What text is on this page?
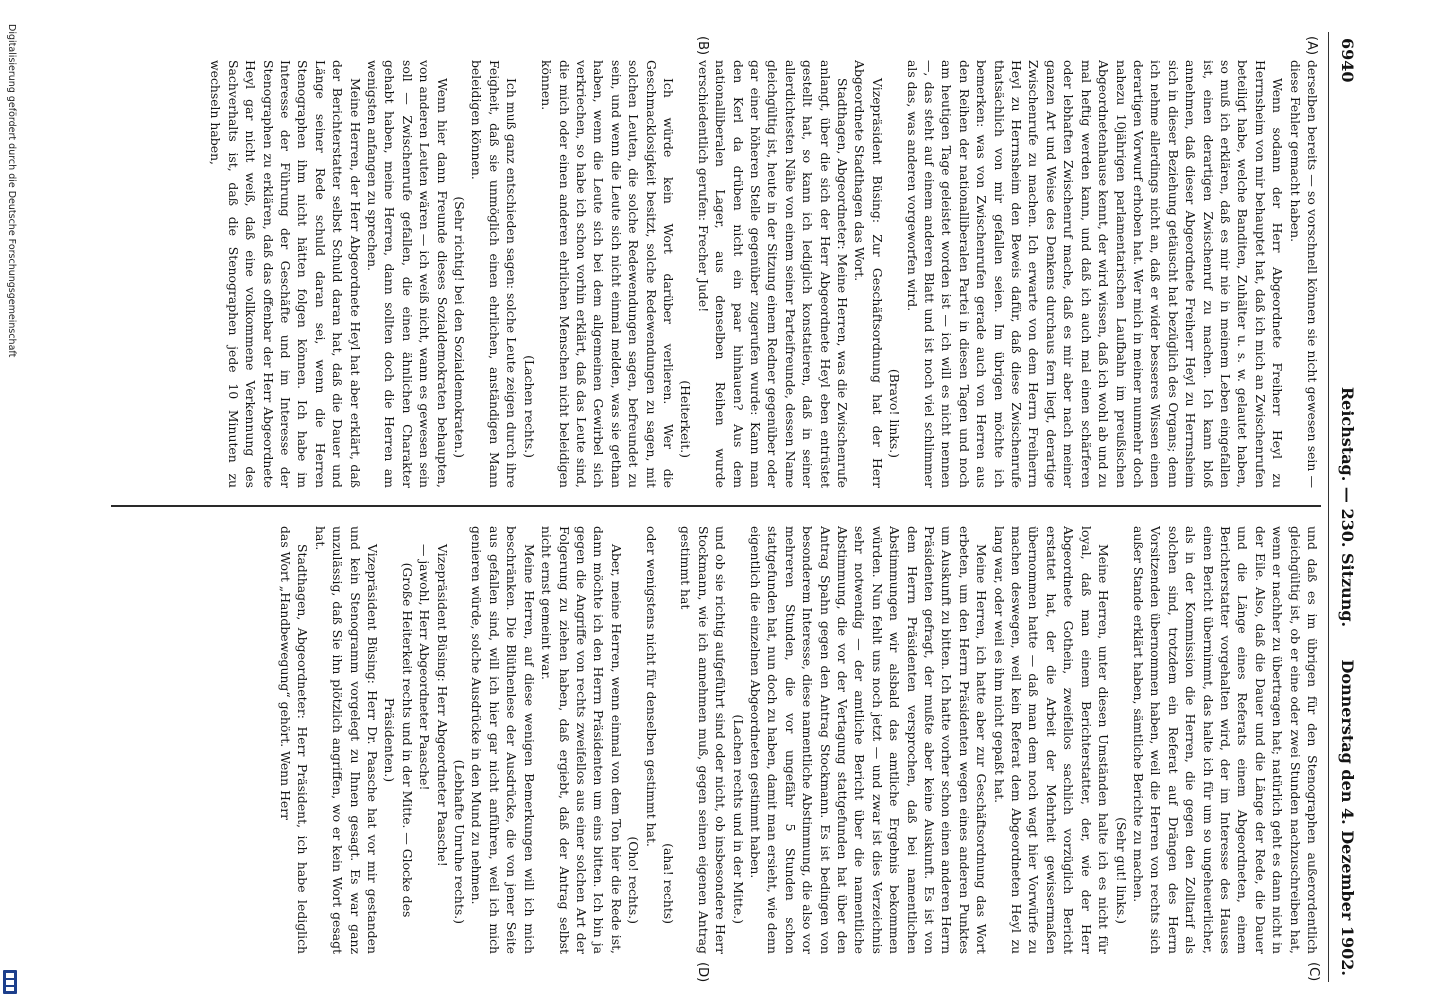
6940
Reichstag. — 230. Sitzung.
Donnerstag den 4. Dezember 1902.
(A)
(B)
(C)
(D)

derselben bereits — so vorschnell können sie nicht gewesen sein — diese Fehler gemacht haben.

Wenn sodann der Herr Abgeordnete Freiherr Heyl zu Herrnsheim von mir behauptet hat, daß ich mich an Zwischenrufen beteiligt habe, welche Banditen, Zuhälter u. s. w. gelautet haben, so muß ich erklären, daß es mir nie in meinem Leben eingefallen ist, einen derartigen Zwischenruf zu machen. Ich kann bloß annehmen, daß dieser Abgeordnete Freiherr Heyl zu Herrnsheim sich in dieser Beziehung getäuscht hat bezüglich des Organs; denn ich nehme allerdings nicht an, daß er wider besseres Wissen einen derartigen Vorwurf erhoben hat. Wer mich in meiner nunmehr doch nahezu 10jährigen parlamentarischen Laufbahn im preußischen Abgeordnetenhause kennt, der wird wissen, daß ich wohl ab und zu mal heftig werden kann, und daß ich auch mal einen schärferen oder lebhaften Zwischenruf mache, daß es mir aber nach meiner ganzen Art und Weise des Denkens durchaus fern liegt, derartige Zwischenrufe zu machen. Ich erwarte von dem Herrn Freiherrn Heyl zu Herrnsheim den Beweis dafür, daß diese Zwischenrufe thatsächlich von mir gefallen seien. Im übrigen möchte ich bemerken: was von Zwischenrufen gerade auch von Herren aus den Reihen der nationalliberalen Partei in diesen Tagen und noch am heutigen Tage geleistet worden ist — ich will es nicht nennen —, das steht auf einem anderen Blatt und ist noch viel schlimmer als das, was anderen vorgeworfen wird.

(Bravo! links.)

Vizepräsident Büsing: Zur Geschäftsordnung hat der Herr Abgeordnete Stadthagen das Wort.

Stadthagen, Abgeordneter: Meine Herren, was die Zwischenrufe anlangt, über die sich der Herr Abgeordnete Heyl eben entrüstet gestellt hat, so kann ich lediglich konstatieren, daß in seiner allerdichtesten Nähe von einem seiner Parteifreunde, dessen Name gleichgültig ist, heute in der Sitzung einem Redner gegenüber oder gar einer höheren Stelle gegenüber zugerufen wurde: Kann man den Kerl da drüben nicht ein paar hinhauen? Aus dem nationalliberalen Lager, aus denselben Reihen wurde verschiedentlich gerufen: Frecher Jude!

(Heiterkeit.)

Ich würde kein Wort darüber verlieren. Wer die Geschmacklosigkeit besitzt, solche Redewendungen zu sagen, mit solchen Leuten, die solche Redewendungen sagen, befreundet zu sein, und wenn die Leute sich nicht einmal melden, was sie gethan haben, wenn die Leute sich bei dem allgemeinen Gewirbel sich verkriechen, so habe ich schon vorhin erklärt, daß das Leute sind, die mich oder einen anderen ehrlichen Menschen nicht beleidigen können.

(Lachen rechts.)

Ich muß ganz entschieden sagen: solche Leute zeigen durch ihre Feigheit, daß sie unmöglich einen ehrlichen, anständigen Mann beleidigen können.

(Sehr richtig! bei den Sozialdemokraten.)

Wenn hier dann Freunde dieses Sozialdemokraten behaupten, von anderen Leuten wären — ich weiß nicht, wann es gewesen sein soll — Zwischenrufe gefallen, die einen ähnlichen Charakter gehabt haben, meine Herren, dann sollten doch die Herren am wenigsten anfangen zu sprechen.

Meine Herren, der Herr Abgeordnete Heyl hat aber erklärt, daß der Berichterstatter selbst Schuld daran hat, daß die Dauer und Länge seiner Rede schuld daran sei, wenn die Herren Stenographen ihm nicht hätten folgen können. Ich habe im Interesse der Führung der Geschäfte und im Interesse der Stenographen zu erklären, daß das offenbar der Herr Abgeordnete Heyl gar nicht weiß, daß eine vollkommene Verkennung des Sachverhalts ist, daß die Stenographen jede 10 Minuten zu wechseln haben,

und daß es im übrigen für den Stenographen außerordentlich gleichgültig ist, ob er eine oder zwei Stunden nachzuschreiben hat, wenn er nachher zu übertragen hat; natürlich geht es dann nicht in der Eile. Also, daß die Dauer und die Länge der Rede, die Dauer und die Länge eines Referats einem Abgeordneten, einem Berichterstatter vorgehalten wird, der im Interesse des Hauses einen Bericht übernimmt, das halte ich für um so ungeheuerlicher, als in der Kommission die Herren, die gegen den Zolltarif als solchen sind, trotzdem ein Referat auf Drängen des Herrn Vorsitzenden übernommen haben, weil die Herren von rechts sich außer Stande erklärt haben, sämtliche Berichte zu machen.

(Sehr gut! links.)

Meine Herren, unter diesen Umständen halte ich es nicht für loyal, daß man einem Berichterstatter, der, wie der Herr Abgeordnete Gothein, zweifellos sachlich vorzüglich Bericht erstattet hat, der die Arbeit der Mehrheit gewissermaßen übernommen hatte — daß man dem noch wagt hier Vorwürfe zu machen deswegen, weil kein Referat dem Abgeordneten Heyl zu lang war, oder weil es ihm nicht gepaßt hat.

Meine Herren, ich hatte aber zur Geschäftsordnung das Wort erbeten, um den Herrn Präsidenten wegen eines anderen Punktes um Auskunft zu bitten. Ich hatte vorher schon einen anderen Herrn Präsidenten gefragt, der mußte aber keine Auskunft. Es ist von dem Herrn Präsidenten versprochen, daß bei namentlichen Abstimmungen wir alsbald das amtliche Ergebnis bekommen würden. Nun fehlt uns noch jetzt — und zwar ist dies Verzeichnis sehr notwendig — der amtliche Bericht über die namentliche Abstimmung, die vor der Vertagung stattgefunden hat über den Antrag Spahn gegen den Antrag Stockmann. Es ist bedingen von besonderem Interesse, diese namentliche Abstimmung, die also vor mehreren Stunden, die vor ungefähr 5 Stunden schon stattgefunden hat, nun doch zu haben, damit man ersieht, wie denn eigentlich die einzelnen Abgeordneten gestimmt haben.

(Lachen rechts und in der Mitte.)

und ob sie richtig aufgeführt sind oder nicht, ob insbesondere Herr Stockmann, wie ich annehmen muß, gegen seinen eigenen Antrag gestimmt hat

(aha! rechts)

oder wenigstens nicht für denselben gestimmt hat.

(Oho! rechts.)

Aber, meine Herren, wenn einmal von dem Ton hier die Rede ist, dann möchte ich den Herrn Präsidenten um eins bitten. Ich bin ja gegen die Angriffe von rechts zweifellos aus einer solchen Art der Folgerung zu ziehen haben, daß ergiebt, daß der Antrag selbst nicht ernst gemeint war.

Meine Herren, auf diese wenigen Bemerkungen will ich mich beschränken. Die Blüthenlese der Ausdrücke, die von jener Seite aus gefallen sind, will ich hier gar nicht anführen, weil ich mich genieren würde, solche Ausdrücke in den Mund zu nehmen.

(Lebhafte Unruhe rechts.)

Vizepräsident Büsing: Herr Abgeordneter Paasche!

— jawohl, Herr Abgeordneter Paasche!

(Große Heiterkeit rechts und in der Mitte. — Glocke des Präsidenten.)

Vizepräsident Büsing: Herr Dr. Paasche hat vor mir gestanden und kein Stenogramm vorgelegt zu Ihnen gesagt. Es war ganz unzulässig, daß Sie ihn plötzlich angriffen, wo er kein Wort gesagt hat.

Stadthagen, Abgeordneter: Herr Präsident, ich habe lediglich das Wort „Handbewegung“ gehört. Wenn Herr

Digitalisierung gefördert durch die Deutsche Forschungsgemeinschaft
